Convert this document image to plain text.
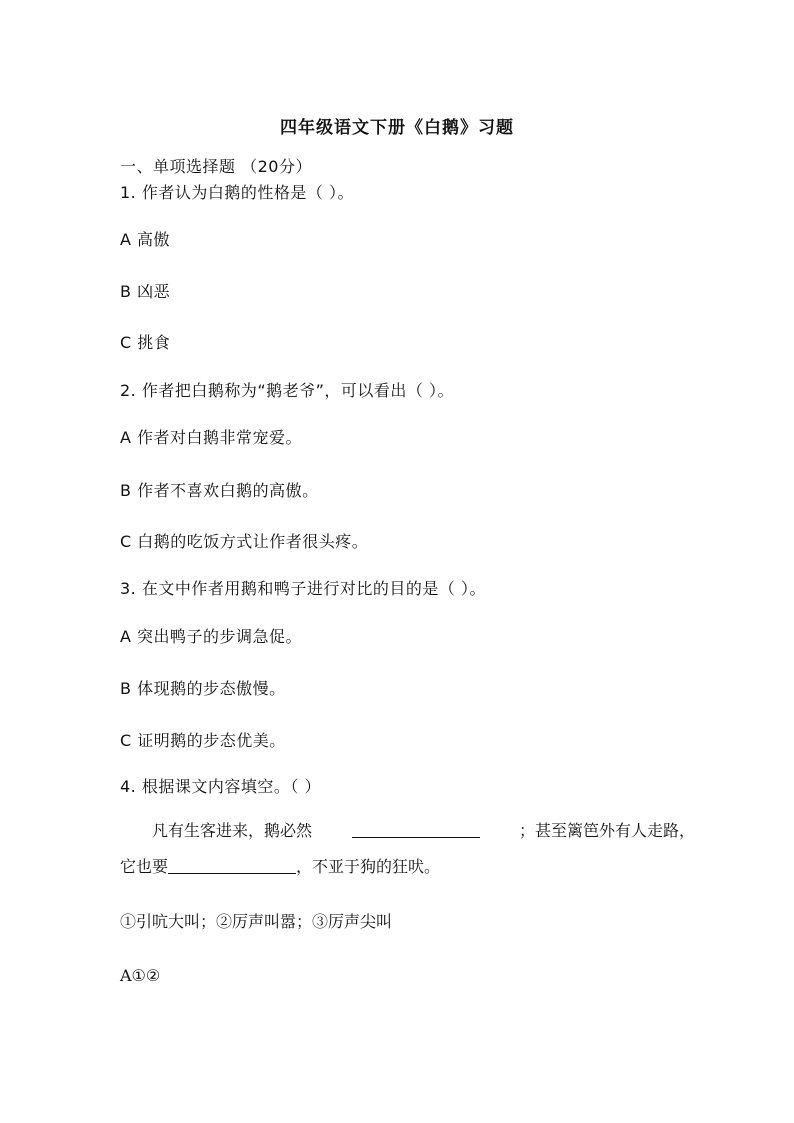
四年级语文下册《白鹅》习题
一、单项选择题 （20分）
1. 作者认为白鹅的性格是（ ）。
A 高傲
B 凶恶
C 挑食
2. 作者把白鹅称为“鹅老爷”，可以看出（ ）。
A 作者对白鹅非常宠爱。
B 作者不喜欢白鹅的高傲。
C 白鹅的吃饭方式让作者很头疼。
3. 在文中作者用鹅和鸭子进行对比的目的是（ ）。
A 突出鸭子的步调急促。
B 体现鹅的步态傲慢。
C 证明鹅的步态优美。
4. 根据课文内容填空。（ ）
凡有生客进来，鹅必然	；甚至篱笆外有人走路，
它也要	，不亚于狗的狂吠。
①引吭大叫；②厉声叫嚣；③厉声尖叫
A①②
